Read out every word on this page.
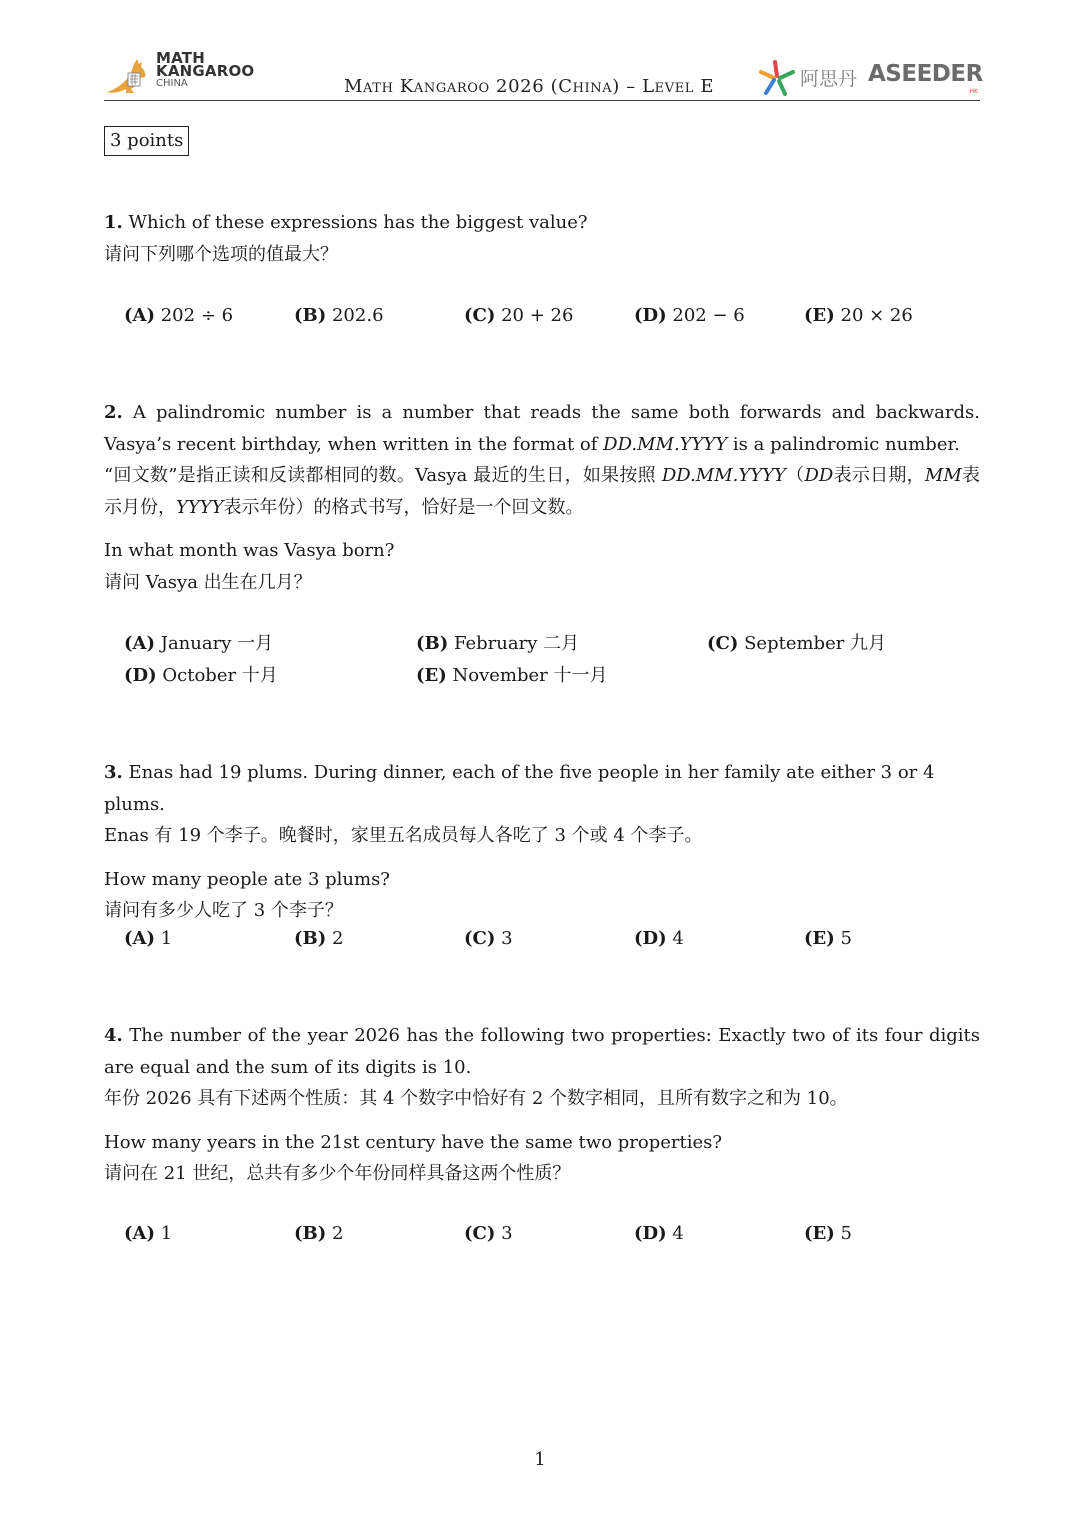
MATH
KANGAROO
CHINA	Math Kangaroo 2026 (China) – Level E	阿思丹 ASEEDER
HK
3 points

1. Which of these expressions has the biggest value?

请问下列哪个选项的值最大？

(A) 202 ÷ 6	(B) 202.6	(C) 20 + 26	(D) 202 − 6	(E) 20 × 26

2. A palindromic number is a number that reads the same both forwards and backwards. Vasya’s recent birthday, when written in the format of DD.MM.YYYY is a palindromic number.

“回文数”是指正读和反读都相同的数。Vasya 最近的生日，如果按照 DD.MM.YYYY（DD表示日期，MM表示月份，YYYY表示年份）的格式书写，恰好是一个回文数。

In what month was Vasya born?

请问 Vasya 出生在几月？

(A) January 一月	(B) February 二月	(C) September 九月
(D) October 十月	(E) November 十一月

3. Enas had 19 plums. During dinner, each of the five people in her family ate either 3 or 4 plums.

Enas 有 19 个李子。晚餐时，家里五名成员每人各吃了 3 个或 4 个李子。

How many people ate 3 plums?

请问有多少人吃了 3 个李子？

(A) 1	(B) 2	(C) 3	(D) 4	(E) 5

4. The number of the year 2026 has the following two properties: Exactly two of its four digits are equal and the sum of its digits is 10.

年份 2026 具有下述两个性质：其 4 个数字中恰好有 2 个数字相同，且所有数字之和为 10。

How many years in the 21st century have the same two properties?

请问在 21 世纪，总共有多少个年份同样具备这两个性质？

(A) 1	(B) 2	(C) 3	(D) 4	(E) 5
1
